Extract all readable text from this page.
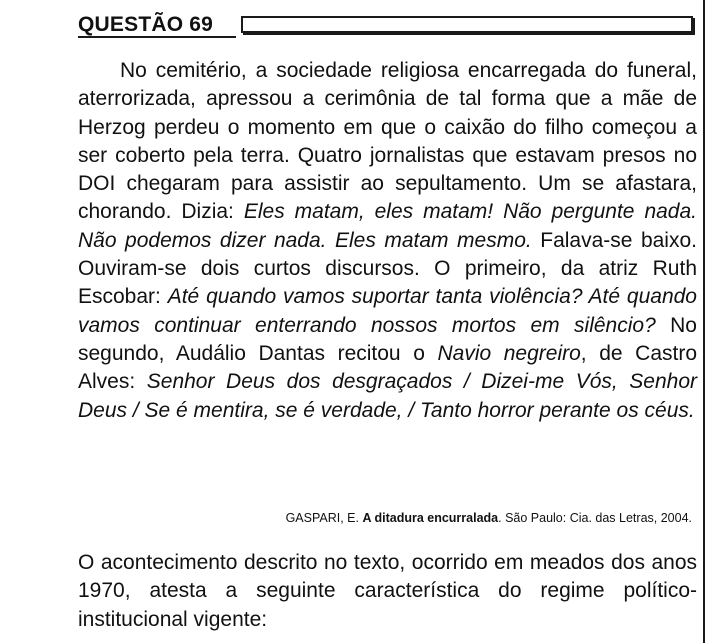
QUESTÃO 69

No cemitério, a sociedade religiosa encarregada do funeral, aterrorizada, apressou a cerimônia de tal forma que a mãe de Herzog perdeu o momento em que o caixão do filho começou a ser coberto pela terra. Quatro jornalistas que estavam presos no DOI chegaram para assistir ao sepultamento. Um se afastara, chorando. Dizia: Eles matam, eles matam! Não pergunte nada. Não podemos dizer nada. Eles matam mesmo. Falava-se baixo. Ouviram-se dois curtos discursos. O primeiro, da atriz Ruth Escobar: Até quando vamos suportar tanta violência? Até quando vamos continuar enterrando nossos mortos em silêncio? No segundo, Audálio Dantas recitou o Navio negreiro, de Castro Alves: Senhor Deus dos desgraçados / Dizei-me Vós, Senhor Deus / Se é mentira, se é verdade, / Tanto horror perante os céus.

GASPARI, E. A ditadura encurralada. São Paulo: Cia. das Letras, 2004.

O acontecimento descrito no texto, ocorrido em meados dos anos 1970, atesta a seguinte característica do regime político-institucional vigente:
